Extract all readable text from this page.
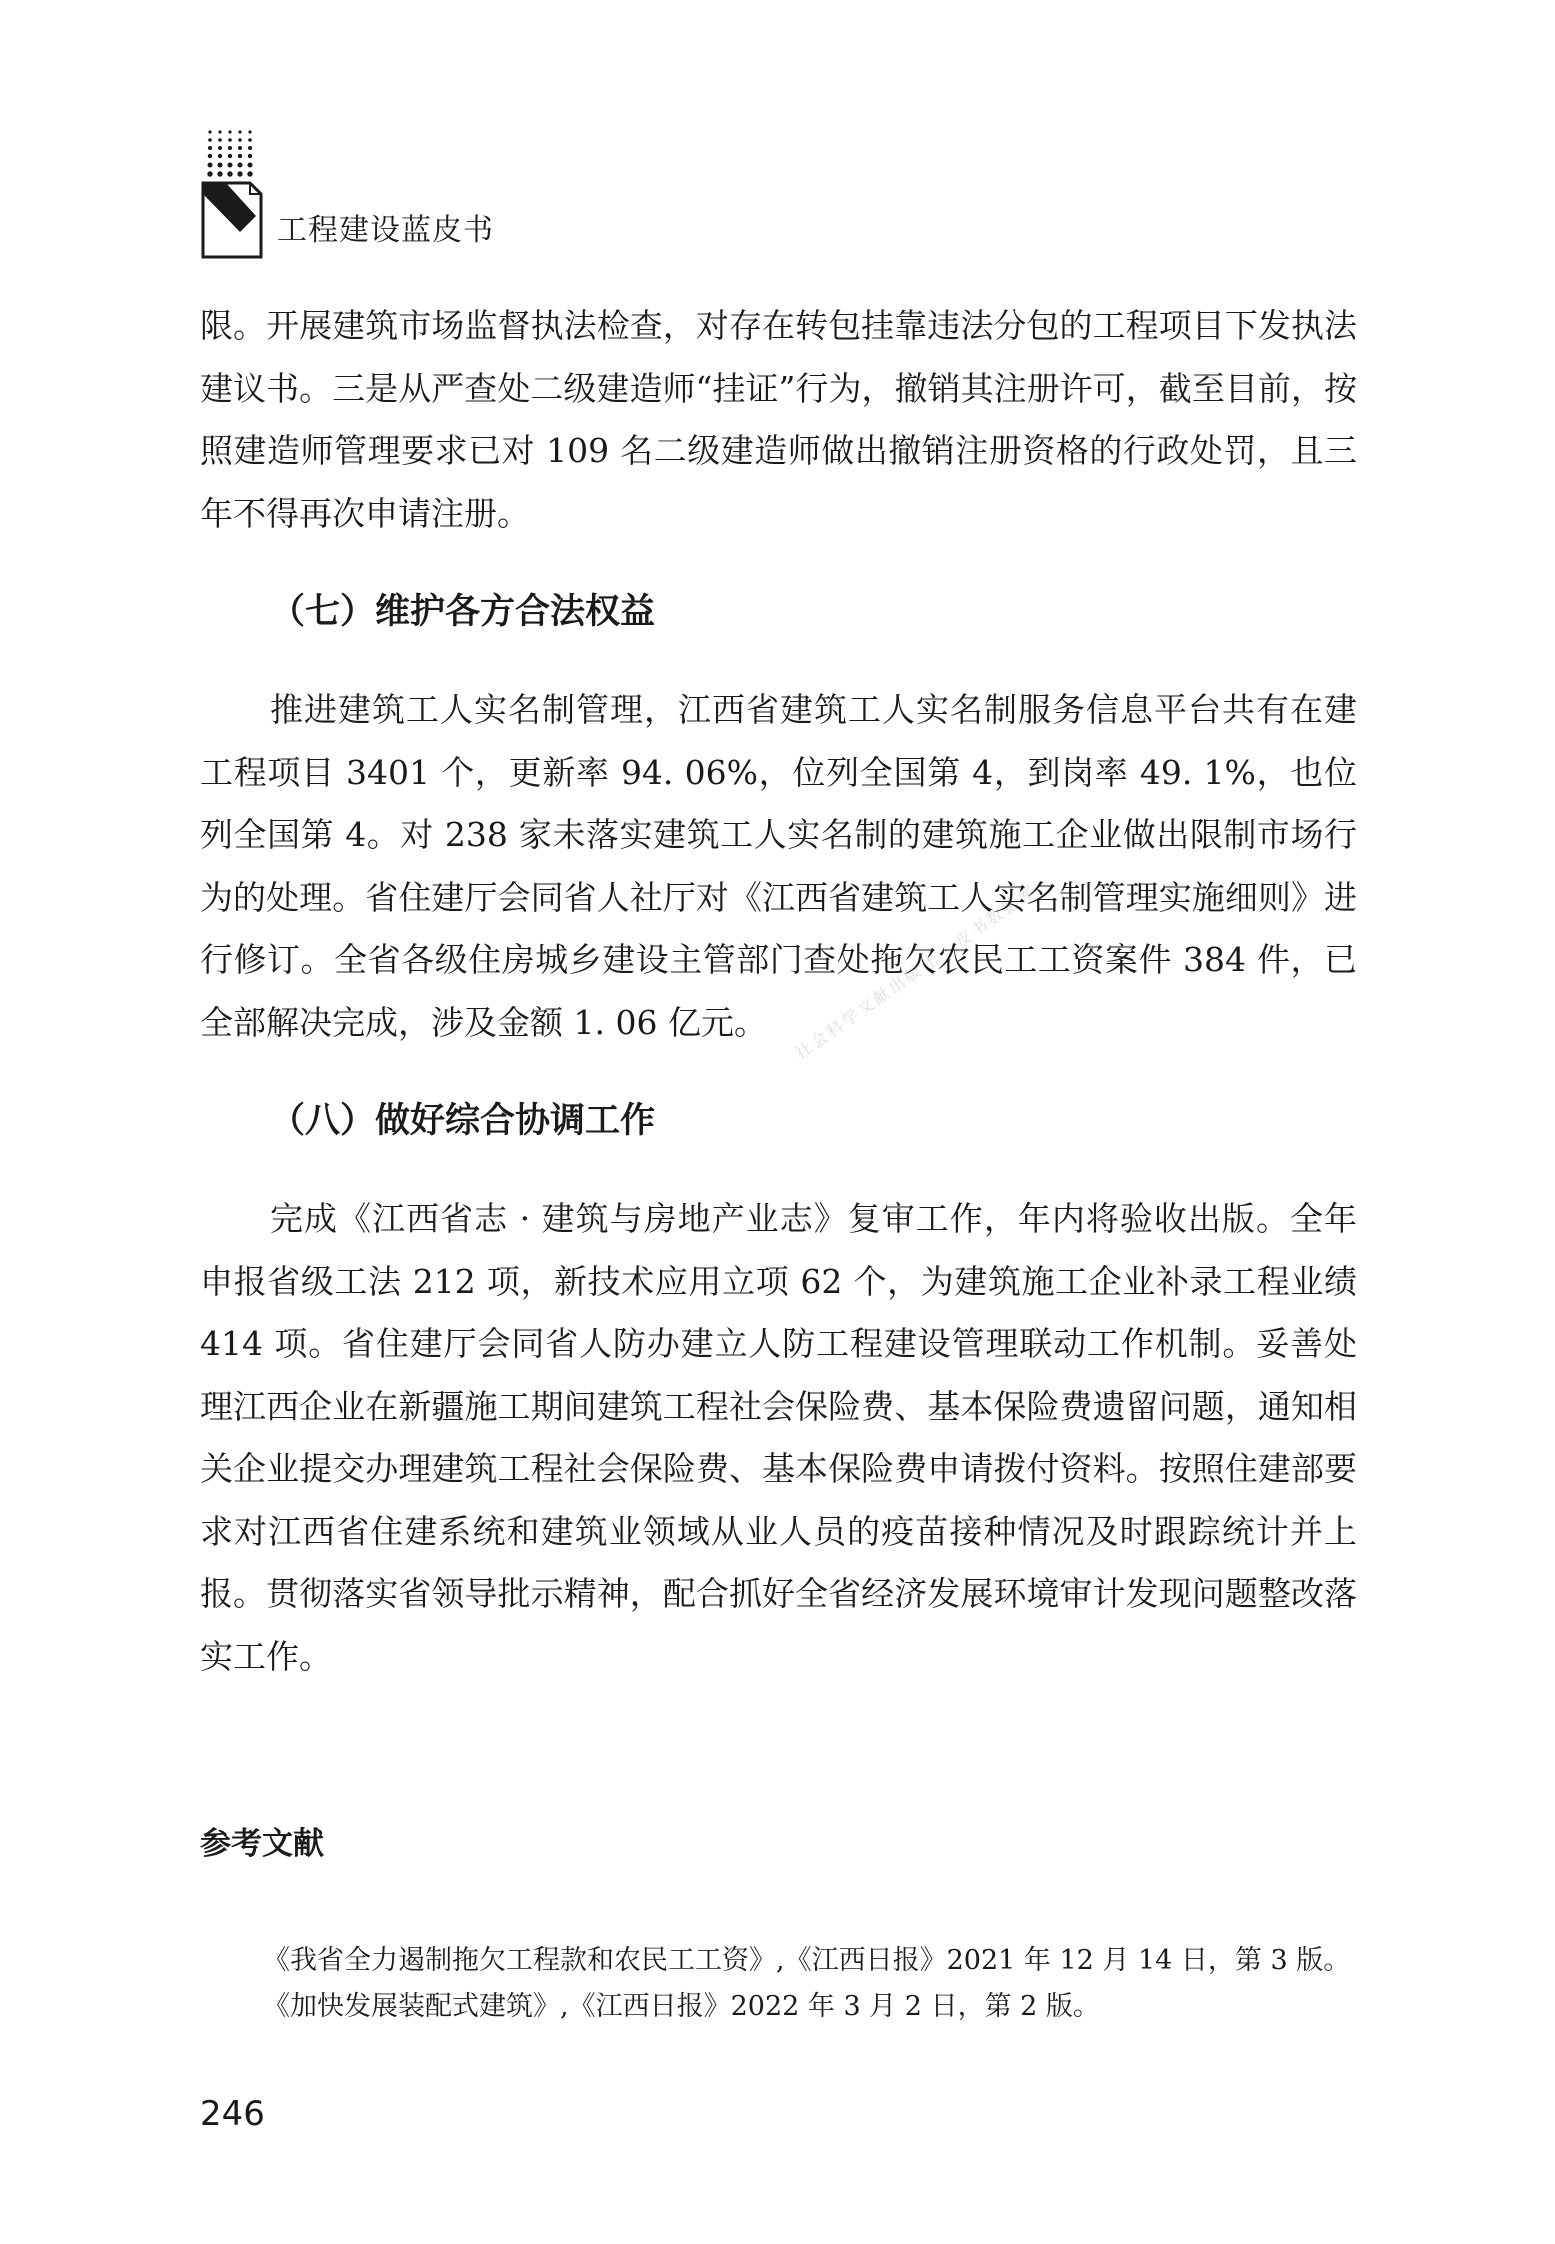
工程建设蓝皮书
社会科学文献出版社 · 皮书数据库

限。开展建筑市场监督执法检查，对存在转包挂靠违法分包的工程项目下发执法建议书。三是从严查处二级建造师“挂证”行为，撤销其注册许可，截至目前，按照建造师管理要求已对 109 名二级建造师做出撤销注册资格的行政处罚，且三年不得再次申请注册。

（七）维护各方合法权益

推进建筑工人实名制管理，江西省建筑工人实名制服务信息平台共有在建工程项目 3401 个，更新率 94. 06%，位列全国第 4，到岗率 49. 1%，也位列全国第 4。对 238 家未落实建筑工人实名制的建筑施工企业做出限制市场行为的处理。省住建厅会同省人社厅对《江西省建筑工人实名制管理实施细则》进行修订。全省各级住房城乡建设主管部门查处拖欠农民工工资案件 384 件，已全部解决完成，涉及金额 1. 06 亿元。

（八）做好综合协调工作

完成《江西省志 · 建筑与房地产业志》复审工作，年内将验收出版。全年申报省级工法 212 项，新技术应用立项 62 个，为建筑施工企业补录工程业绩 414 项。省住建厅会同省人防办建立人防工程建设管理联动工作机制。妥善处理江西企业在新疆施工期间建筑工程社会保险费、基本保险费遗留问题，通知相关企业提交办理建筑工程社会保险费、基本保险费申请拨付资料。按照住建部要求对江西省住建系统和建筑业领域从业人员的疫苗接种情况及时跟踪统计并上报。贯彻落实省领导批示精神，配合抓好全省经济发展环境审计发现问题整改落实工作。

参考文献

《我省全力遏制拖欠工程款和农民工工资》,《江西日报》2021 年 12 月 14 日，第 3 版。

《加快发展装配式建筑》,《江西日报》2022 年 3 月 2 日，第 2 版。

246
